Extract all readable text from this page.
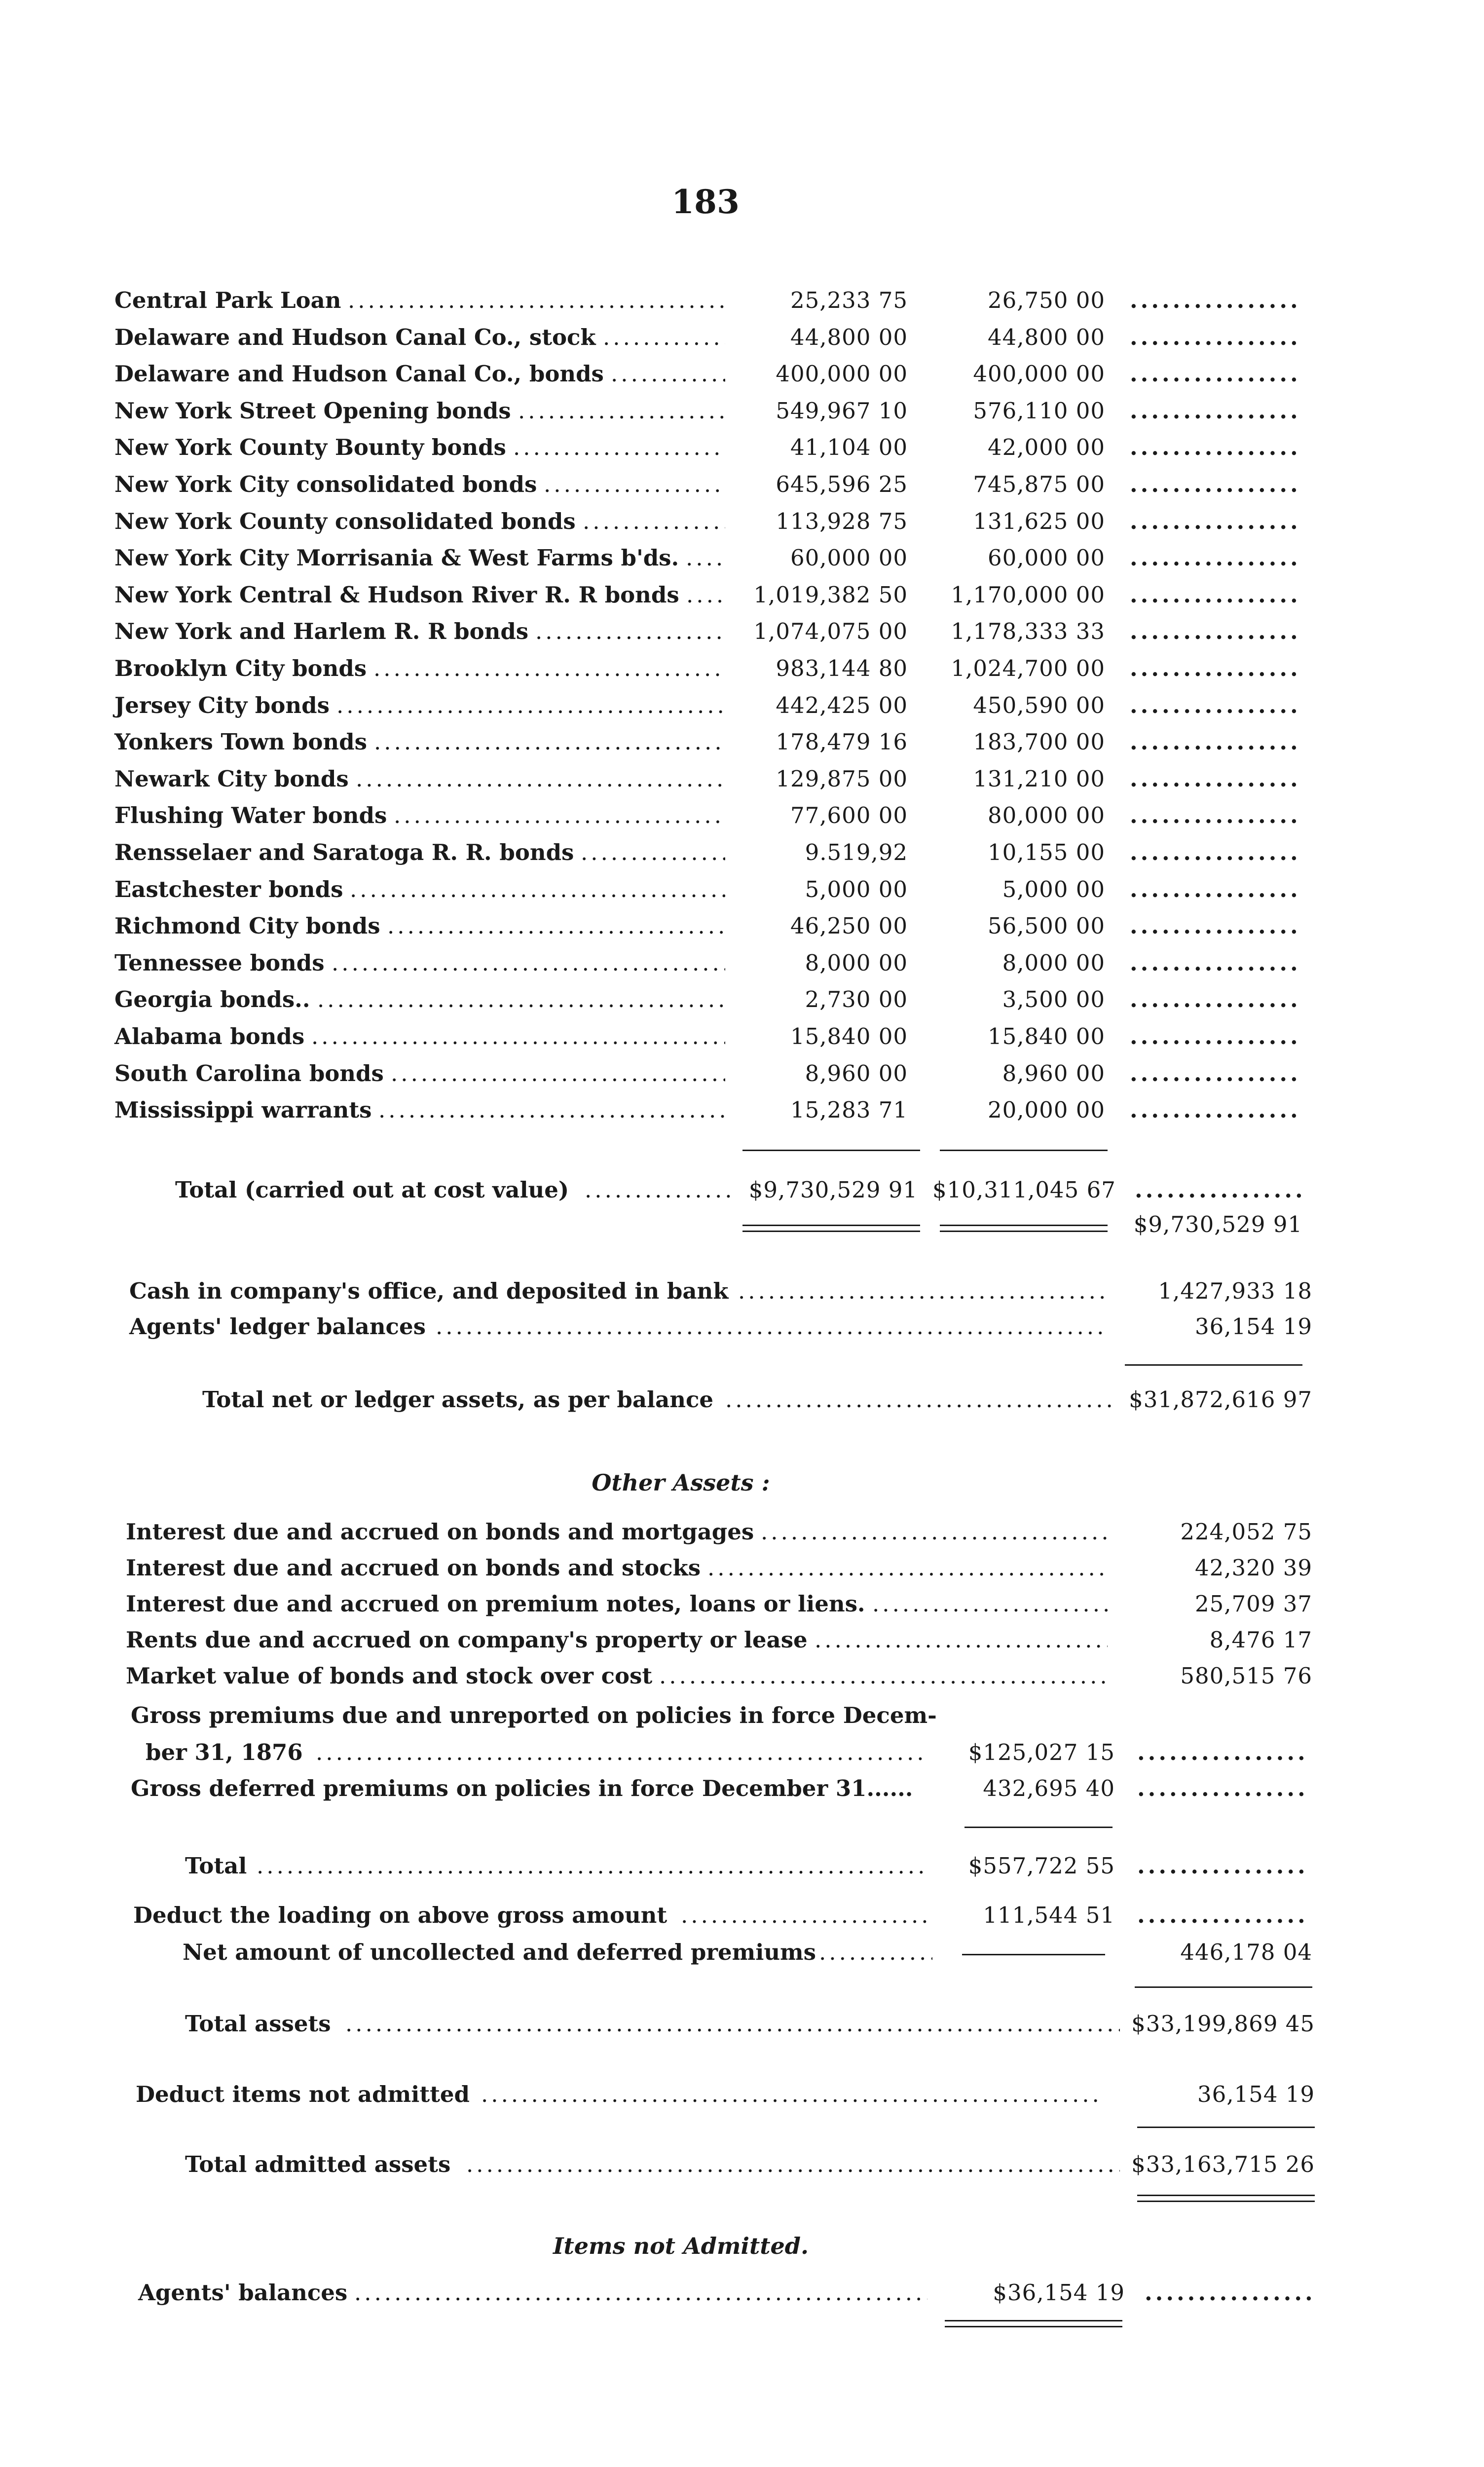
183
Central Park Loan .....	25,233 75	26,750 00
.....
Delaware and Hudson Canal Co., stock .....	44,800 00	44,800 00
.....
Delaware and Hudson Canal Co., bonds .....	400,000 00	400,000 00
.....
New York Street Opening bonds .....	549,967 10	576,110 00
.....
New York County Bounty bonds .....	41,104 00	42,000 00
.....
New York City consolidated bonds .....	645,596 25	745,875 00
.....
New York County consolidated bonds .....	113,928 75	131,625 00
.....
New York City Morrisania & West Farms b'ds. .....	60,000 00	60,000 00
.....
New York Central & Hudson River R. R bonds .....	1,019,382 50	1,170,000 00
.....
New York and Harlem R. R bonds .....	1,074,075 00	1,178,333 33
.....
Brooklyn City bonds .....	983,144 80	1,024,700 00
.....
Jersey City bonds .....	442,425 00	450,590 00
.....
Yonkers Town bonds .....	178,479 16	183,700 00
.....
Newark City bonds .....	129,875 00	131,210 00
.....
Flushing Water bonds .....	77,600 00	80,000 00
.....
Rensselaer and Saratoga R. R. bonds .....	9.519,92	10,155 00
.....
Eastchester bonds .....	5,000 00	5,000 00
.....
Richmond City bonds .....	46,250 00	56,500 00
.....
Tennessee bonds .....	8,000 00	8,000 00
.....
Georgia bonds.. .....	2,730 00	3,500 00
.....
Alabama bonds .....	15,840 00	15,840 00
.....
South Carolina bonds .....	8,960 00	8,960 00
.....
Mississippi warrants .....	15,283 71	20,000 00
.....
Total (carried out at cost value) .....	$9,730,529 91 $10,311,045 67
.....
$9,730,529 91
Cash in company's office, and deposited in bank .....	1,427,933 18
Agents' ledger balances .....	36,154 19
Total net or ledger assets, as per balance .....	$31,872,616 97
Other Assets :
Interest due and accrued on bonds and mortgages .....	224,052 75
Interest due and accrued on bonds and stocks .....	42,320 39
Interest due and accrued on premium notes, loans or liens. .....	25,709 37
Rents due and accrued on company's property or lease .....	8,476 17
Market value of bonds and stock over cost .....	580,515 76
Gross premiums due and unreported on policies in force Decem-
ber 31, 1876 .....	$125,027 15
.....
Gross deferred premiums on policies in force December 31......	432,695 40
.....
Total .....	$557,722 55
.....
Deduct the loading on above gross amount .....	111,544 51
.....
Net amount of uncollected and deferred premiums .....	446,178 04
Total assets .....	$33,199,869 45
Deduct items not admitted .....	36,154 19
Total admitted assets .....	$33,163,715 26
Items not Admitted.
Agents' balances .....	$36,154 19
.....
